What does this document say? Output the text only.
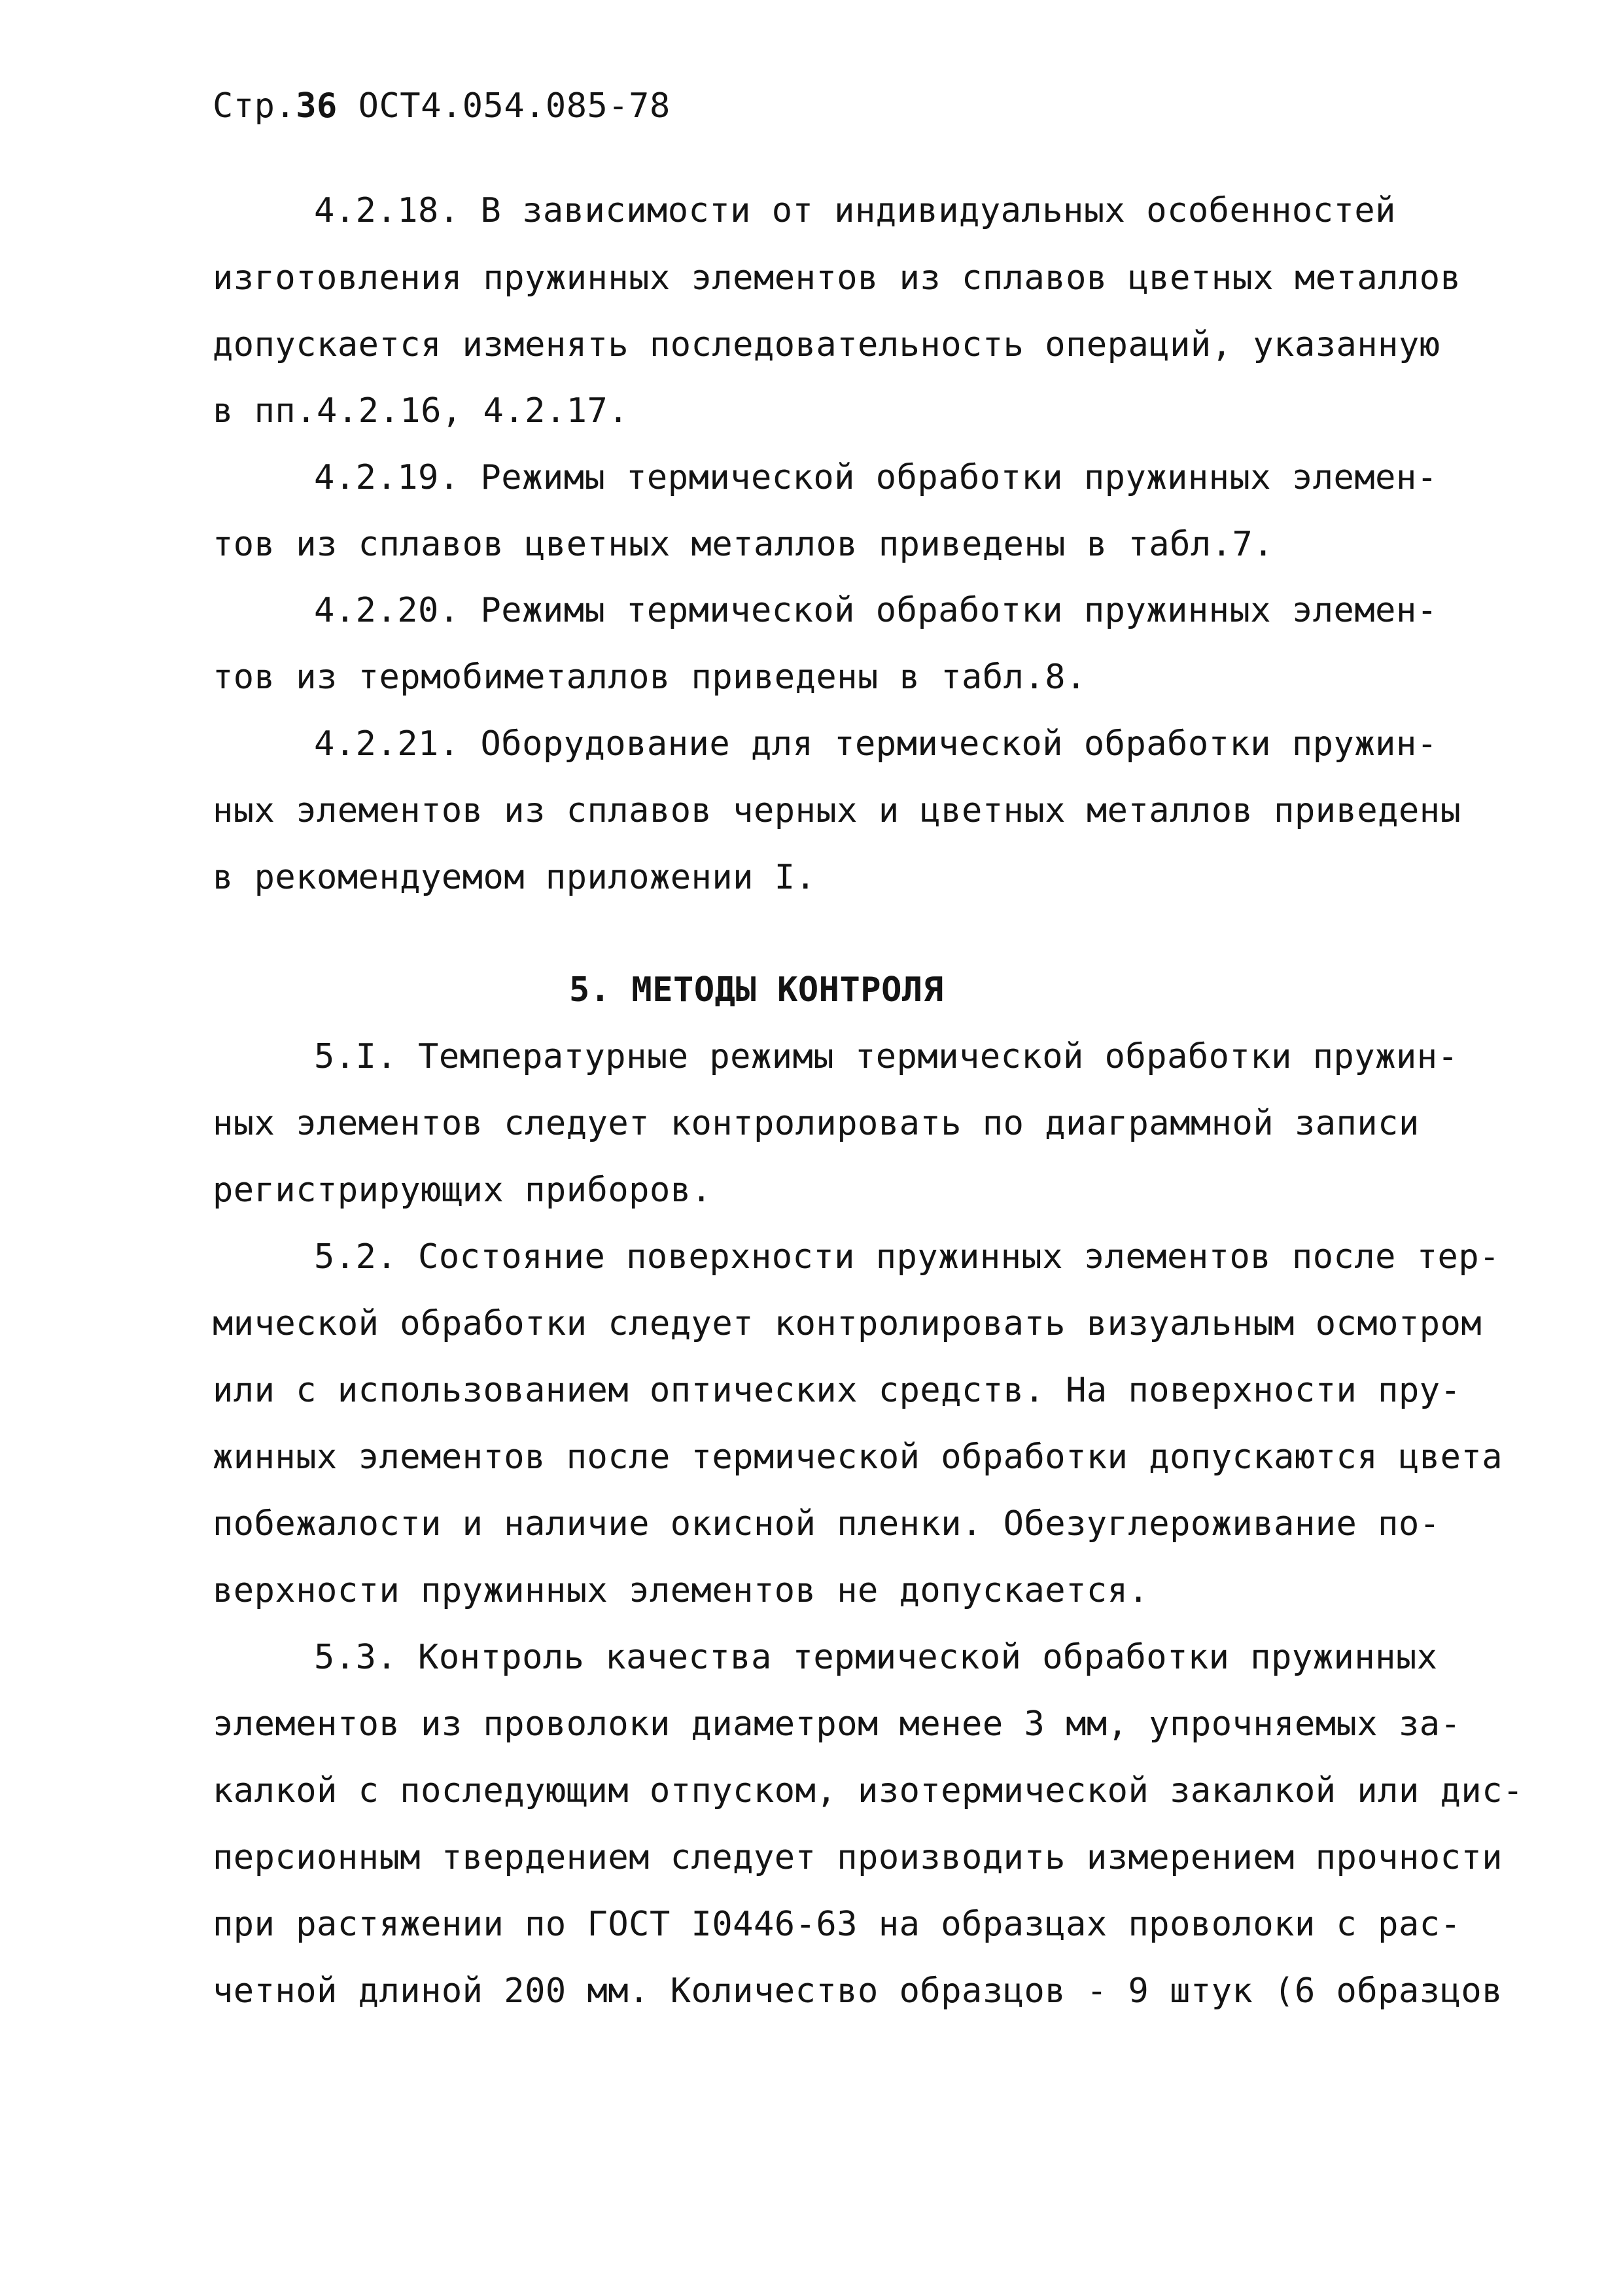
Стр.36 ОСТ4.054.085-78
4.2.18. В зависимости от индивидуальных особенностей
изготовления пружинных элементов из сплавов цветных металлов
допускается изменять последовательность операций, указанную
в пп.4.2.16, 4.2.17.
4.2.19. Режимы термической обработки пружинных элемен-
тов из сплавов цветных металлов приведены в табл.7.
4.2.20. Режимы термической обработки пружинных элемен-
тов из термобиметаллов приведены в табл.8.
4.2.21. Оборудование для термической обработки пружин-
ных элементов из сплавов черных и цветных металлов приведены
в рекомендуемом приложении I.
5. МЕТОДЫ КОНТРОЛЯ
5.I. Температурные режимы термической обработки пружин-
ных элементов следует контролировать по диаграммной записи
регистрирующих приборов.
5.2. Состояние поверхности пружинных элементов после тер-
мической обработки следует контролировать визуальным осмотром
или с использованием оптических средств. На поверхности пру-
жинных элементов после термической обработки допускаются цвета
побежалости и наличие окисной пленки. Обезуглероживание по-
верхности пружинных элементов не допускается.
5.3. Контроль качества термической обработки пружинных
элементов из проволоки диаметром менее 3 мм, упрочняемых за-
калкой с последующим отпуском, изотермической закалкой или дис-
персионным твердением следует производить измерением прочности
при растяжении по ГОСТ I0446-63 на образцах проволоки с рас-
четной длиной 200 мм. Количество образцов - 9 штук (6 образцов
